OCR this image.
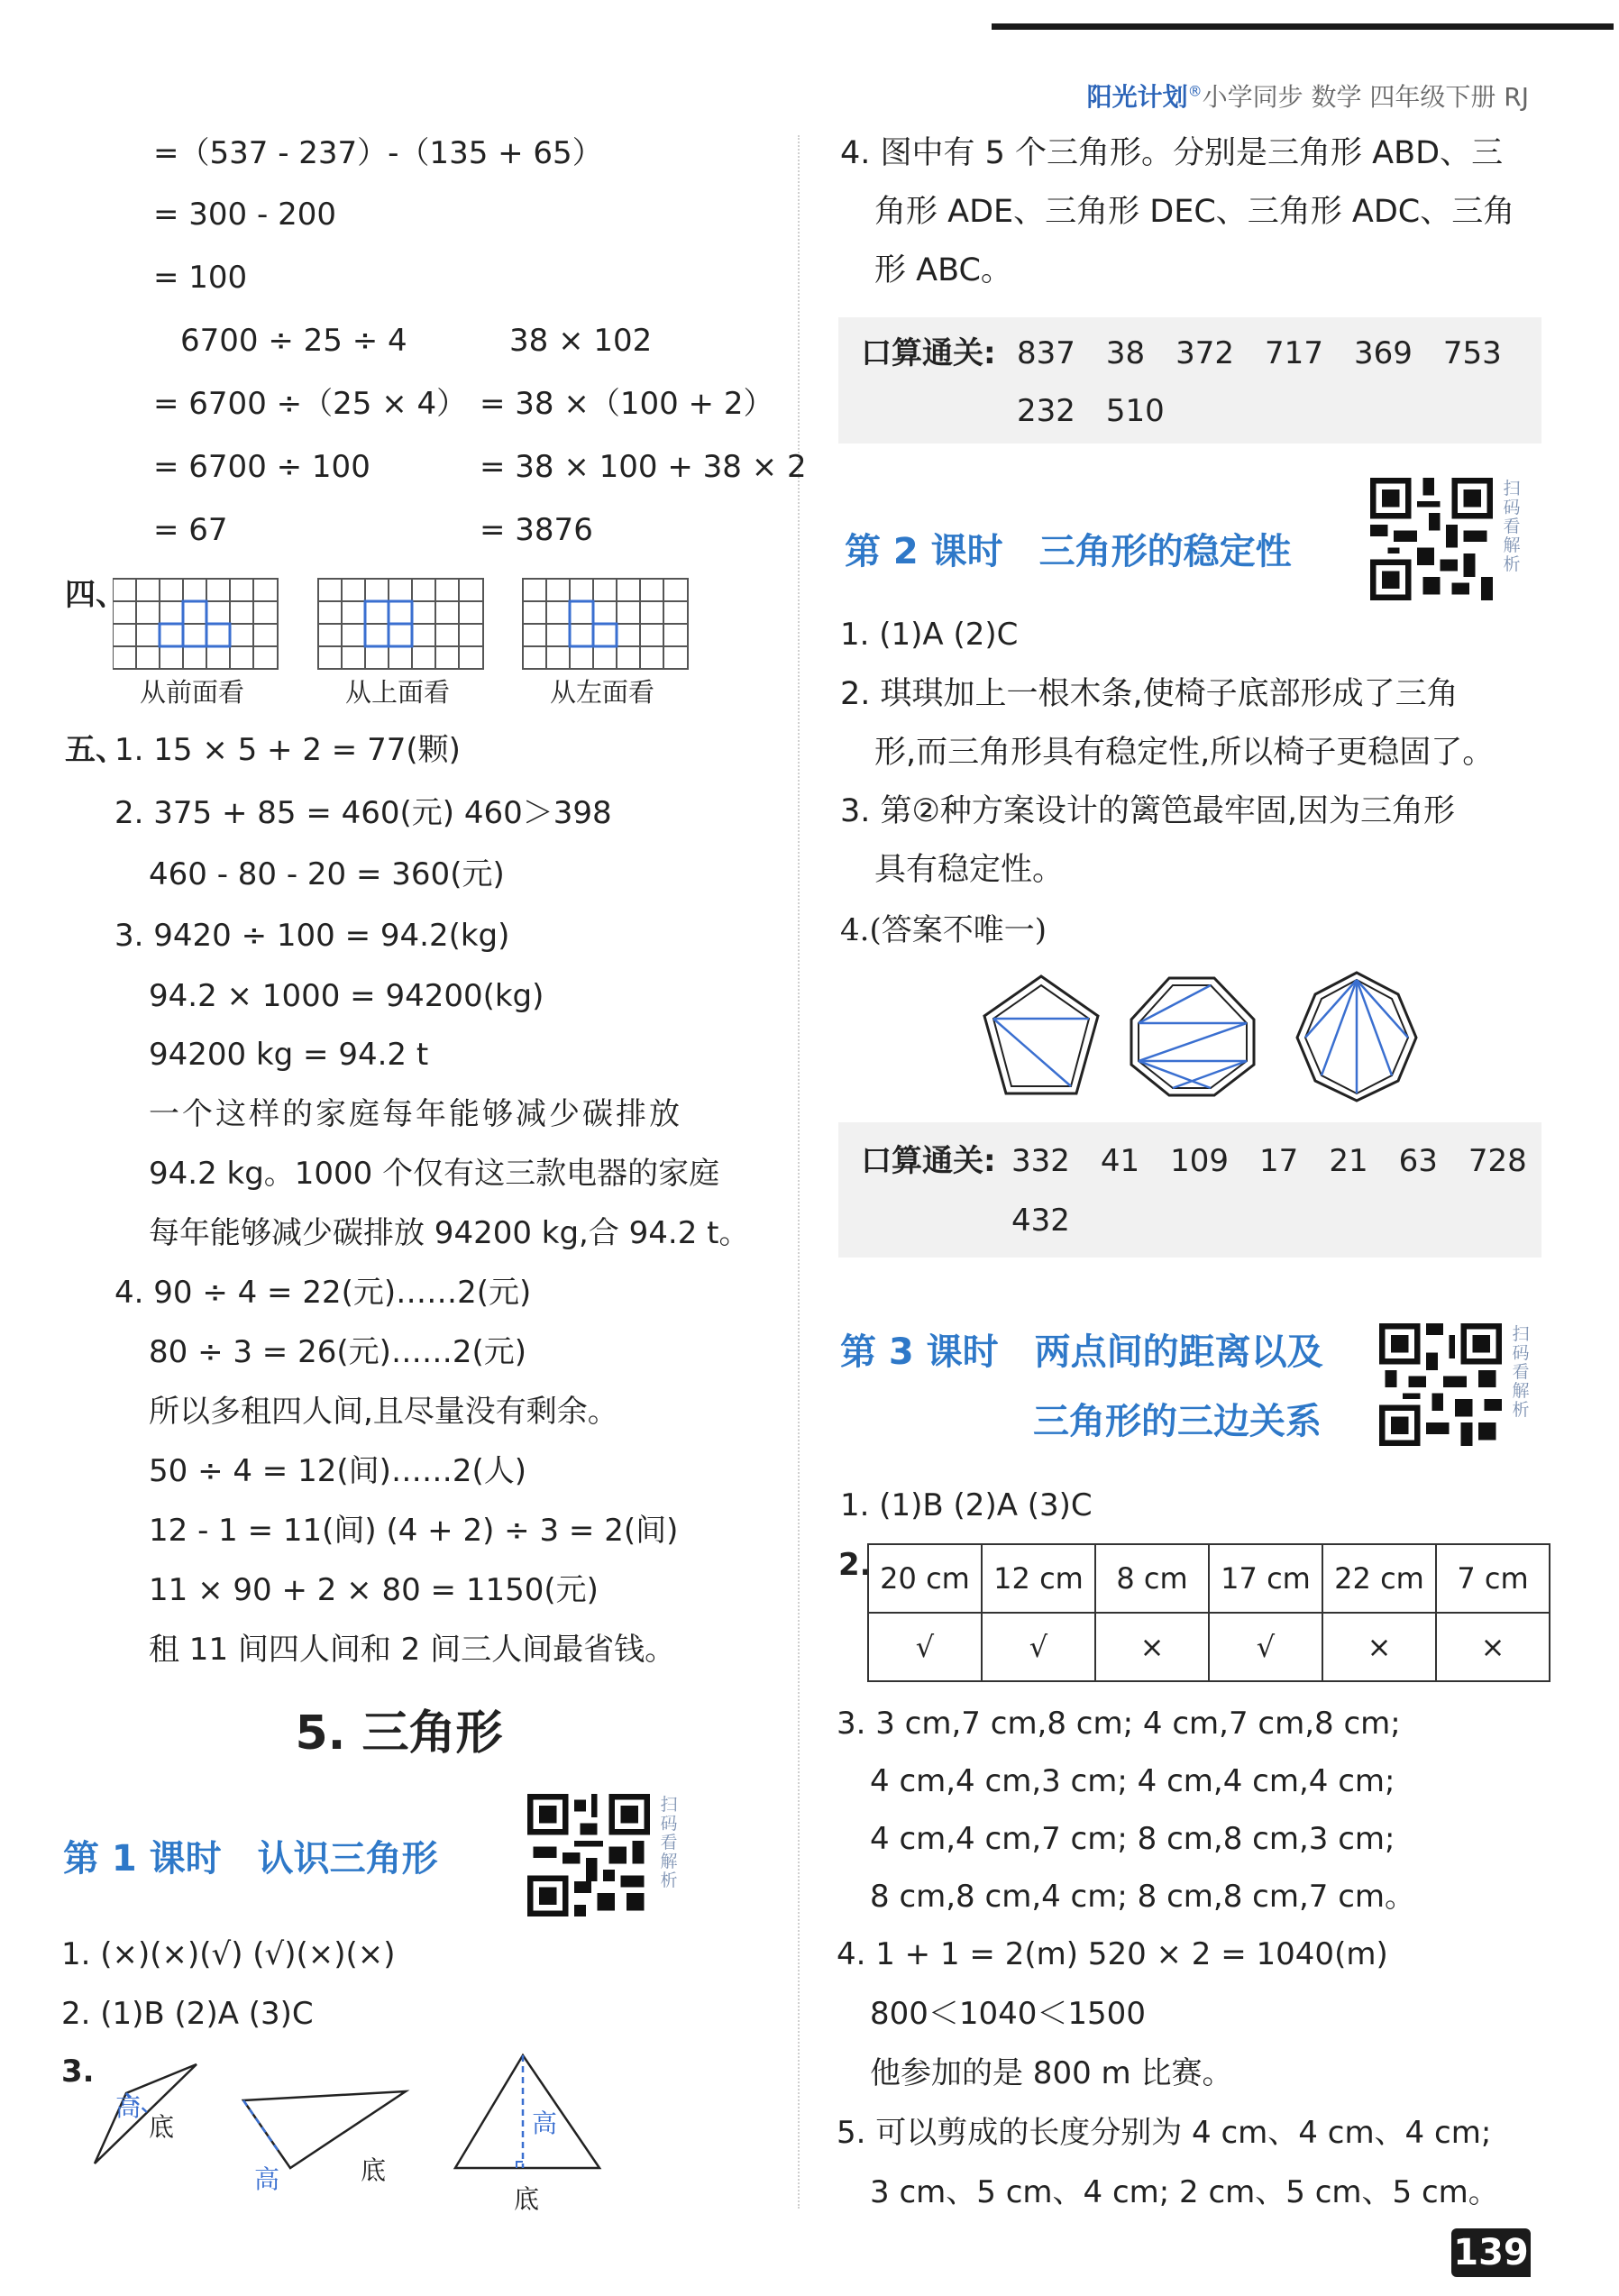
阳光计划®小学同步 数学 四年级下册 RJ
=（537 - 237）-（135 + 65）
= 300 - 200
= 100
6700 ÷ 25 ÷ 4
= 6700 ÷（25 × 4）
= 6700 ÷ 100
= 67
38 × 102
= 38 ×（100 + 2）
= 38 × 100 + 38 × 2
= 3876
四、
从前面看	从上面看	从左面看
五、
1. 15 × 5 + 2 = 77(颗)
2. 375 + 85 = 460(元) 460＞398
460 - 80 - 20 = 360(元)
3. 9420 ÷ 100 = 94.2(kg)
94.2 × 1000 = 94200(kg)
94200 kg = 94.2 t
一个这样的家庭每年能够减少碳排放
94.2 kg。1000 个仅有这三款电器的家庭
每年能够减少碳排放 94200 kg,合 94.2 t。
4. 90 ÷ 4 = 22(元)……2(元)
80 ÷ 3 = 26(元)……2(元)
所以多租四人间,且尽量没有剩余。
50 ÷ 4 = 12(间)……2(人)
12 - 1 = 11(间) (4 + 2) ÷ 3 = 2(间)
11 × 90 + 2 × 80 = 1150(元)
租 11 间四人间和 2 间三人间最省钱。
5. 三角形
第 1 课时　认识三角形
扫码看解析
1. (×)(×)(√) (√)(×)(×)
2. (1)B (2)A (3)C
3.
高
底
高	底
高
底
4. 图中有 5 个三角形。分别是三角形 ABD、三
角形 ADE、三角形 DEC、三角形 ADC、三角
形 ABC。
口算通关: 837　38　372　717　369　753
232　510
第 2 课时　三角形的稳定性
扫码看解析
1. (1)A (2)C
2. 琪琪加上一根木条,使椅子底部形成了三角
形,而三角形具有稳定性,所以椅子更稳固了。
3. 第②种方案设计的篱笆最牢固,因为三角形
具有稳定性。
4.(答案不唯一)
口算通关: 332　41　109　17　21　63　728
432
第 3 课时　两点间的距离以及
三角形的三边关系
扫码看解析
1. (1)B (2)A (3)C
2. 20 cm	12 cm	8 cm	17 cm	22 cm	7 cm
√	√	×	√	×	×
3. 3 cm,7 cm,8 cm; 4 cm,7 cm,8 cm;
4 cm,4 cm,3 cm; 4 cm,4 cm,4 cm;
4 cm,4 cm,7 cm; 8 cm,8 cm,3 cm;
8 cm,8 cm,4 cm; 8 cm,8 cm,7 cm。
4. 1 + 1 = 2(m) 520 × 2 = 1040(m)
800＜1040＜1500
他参加的是 800 m 比赛。
5. 可以剪成的长度分别为 4 cm、4 cm、4 cm;
3 cm、5 cm、4 cm; 2 cm、5 cm、5 cm。
139
